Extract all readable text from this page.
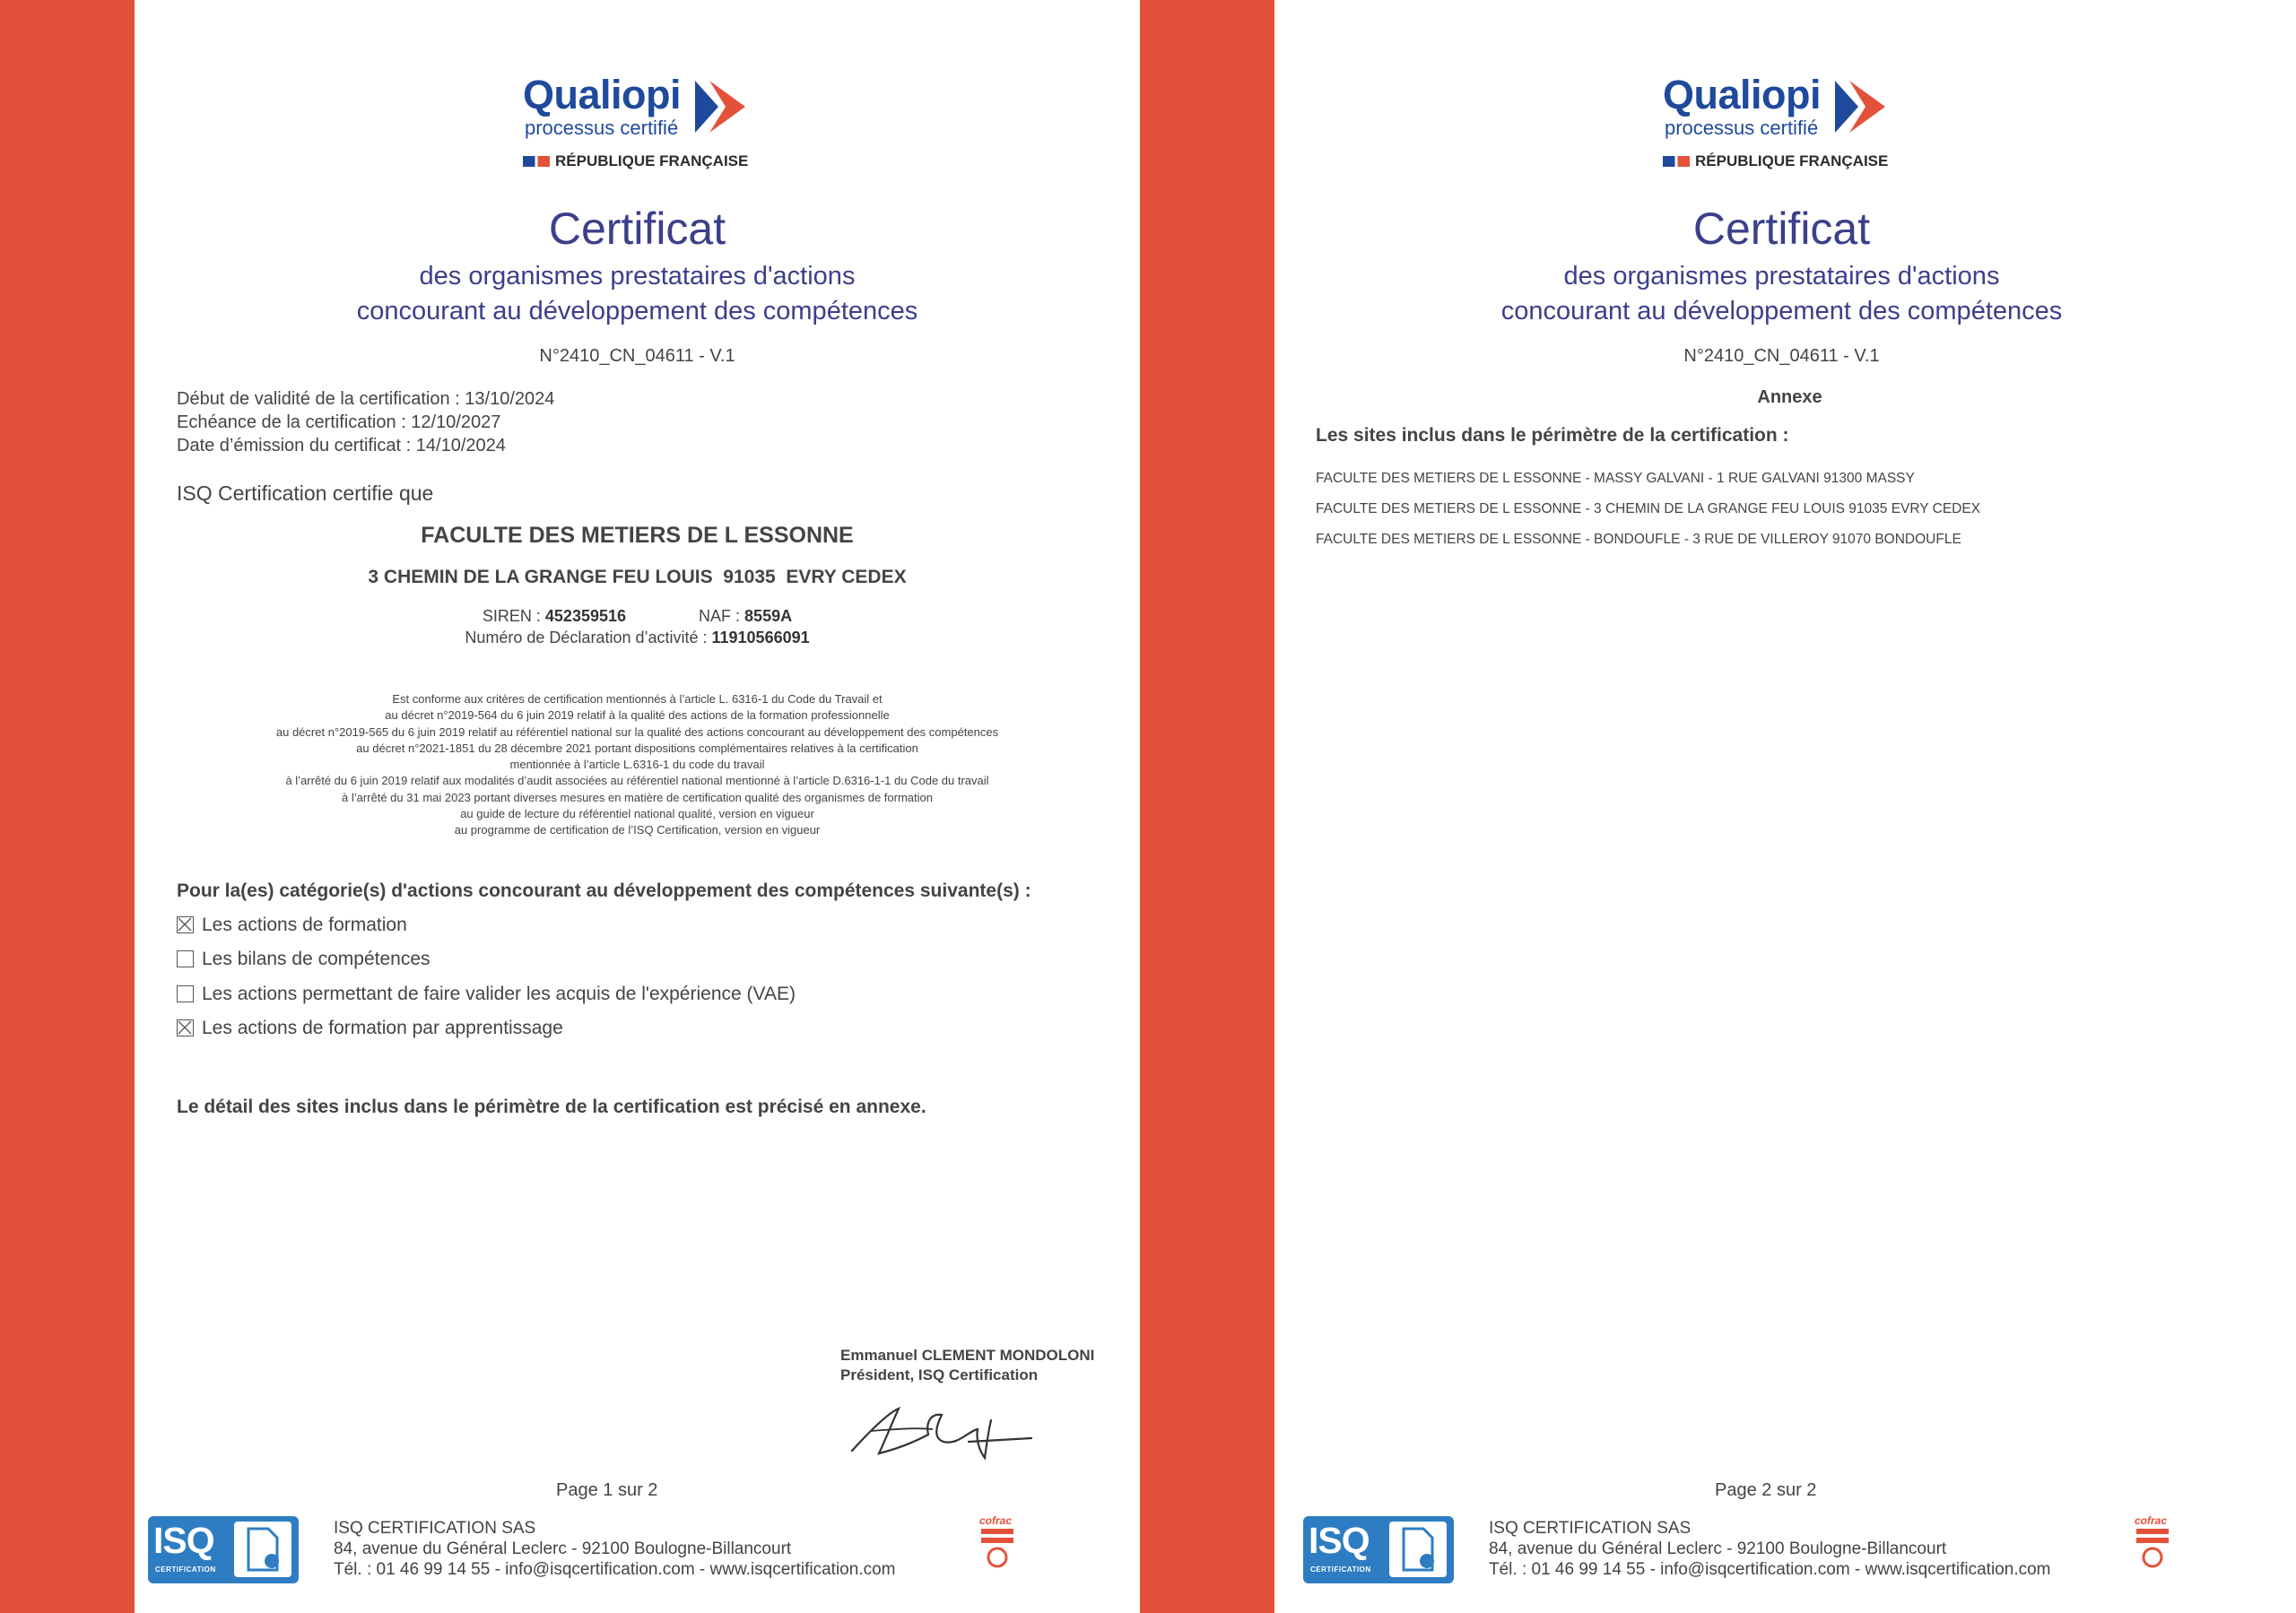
Qualiopi
processus certifié
RÉPUBLIQUE FRANÇAISE
Certificat
des organismes prestataires d'actions
concourant au développement des compétences
N°2410_CN_04611 - V.1
Début de validité de la certification : 13/10/2024
Echéance de la certification : 12/10/2027
Date d’émission du certificat : 14/10/2024
ISQ Certification certifie que
FACULTE DES METIERS DE L ESSONNE
3 CHEMIN DE LA GRANGE FEU LOUIS  91035  EVRY CEDEX
SIREN : 452359516	NAF : 8559A
Numéro de Déclaration d’activité : 11910566091
Est conforme aux critères de certification mentionnés à l’article L. 6316-1 du Code du Travail et
au décret n°2019-564 du 6 juin 2019 relatif à la qualité des actions de la formation professionnelle
au décret n°2019-565 du 6 juin 2019 relatif au référentiel national sur la qualité des actions concourant au développement des compétences
au décret n°2021-1851 du 28 décembre 2021 portant dispositions complémentaires relatives à la certification
mentionnée à l’article L.6316-1 du code du travail
à l’arrêté du 6 juin 2019 relatif aux modalités d’audit associées au référentiel national mentionné à l’article D.6316-1-1 du Code du travail
à l’arrêté du 31 mai 2023 portant diverses mesures en matière de certification qualité des organismes de formation
au guide de lecture du référentiel national qualité, version en vigueur
au programme de certification de l’ISQ Certification, version en vigueur
Pour la(es) catégorie(s) d'actions concourant au développement des compétences suivante(s) :
Les actions de formation
Les bilans de compétences
Les actions permettant de faire valider les acquis de l'expérience (VAE)
Les actions de formation par apprentissage
Le détail des sites inclus dans le périmètre de la certification est précisé en annexe.
Emmanuel CLEMENT MONDOLONI
Président, ISQ Certification
Page 1 sur 2
ISQ
CERTIFICATION
ISQ CERTIFICATION SAS
84, avenue du Général Leclerc - 92100 Boulogne-Billancourt
Tél. : 01 46 99 14 55 - info@isqcertification.com - www.isqcertification.com
cofrac
Qualiopi
processus certifié
RÉPUBLIQUE FRANÇAISE
Certificat
des organismes prestataires d'actions
concourant au développement des compétences
N°2410_CN_04611 - V.1
Annexe
Les sites inclus dans le périmètre de la certification :
FACULTE DES METIERS DE L ESSONNE - MASSY GALVANI - 1 RUE GALVANI 91300 MASSY
FACULTE DES METIERS DE L ESSONNE - 3 CHEMIN DE LA GRANGE FEU LOUIS 91035 EVRY CEDEX
FACULTE DES METIERS DE L ESSONNE - BONDOUFLE - 3 RUE DE VILLEROY 91070 BONDOUFLE
Page 2 sur 2
ISQ
CERTIFICATION
ISQ CERTIFICATION SAS
84, avenue du Général Leclerc - 92100 Boulogne-Billancourt
Tél. : 01 46 99 14 55 - info@isqcertification.com - www.isqcertification.com
cofrac
